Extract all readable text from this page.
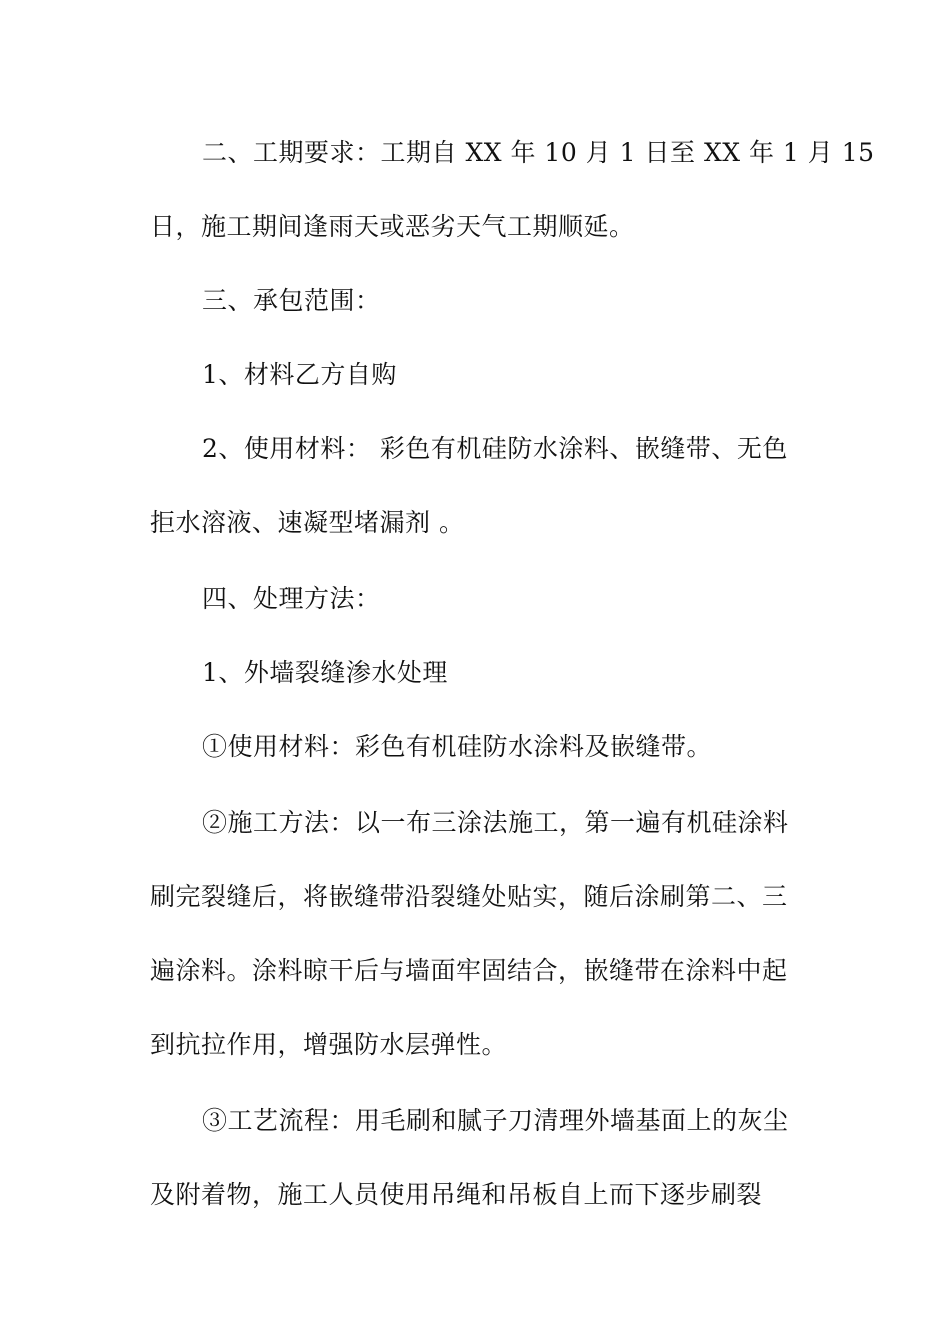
二、工期要求：工期自 XX 年 10 月 1 日至 XX 年 1 月 15
日，施工期间逢雨天或恶劣天气工期顺延。
三、承包范围：
1、材料乙方自购
2、使用材料： 彩色有机硅防水涂料、嵌缝带、无色
拒水溶液、速凝型堵漏剂 。
四、处理方法：
1、外墙裂缝渗水处理
①使用材料：彩色有机硅防水涂料及嵌缝带。
②施工方法：以一布三涂法施工，第一遍有机硅涂料
刷完裂缝后，将嵌缝带沿裂缝处贴实，随后涂刷第二、三
遍涂料。涂料晾干后与墙面牢固结合，嵌缝带在涂料中起
到抗拉作用，增强防水层弹性。
③工艺流程：用毛刷和腻子刀清理外墙基面上的灰尘
及附着物，施工人员使用吊绳和吊板自上而下逐步刷裂
